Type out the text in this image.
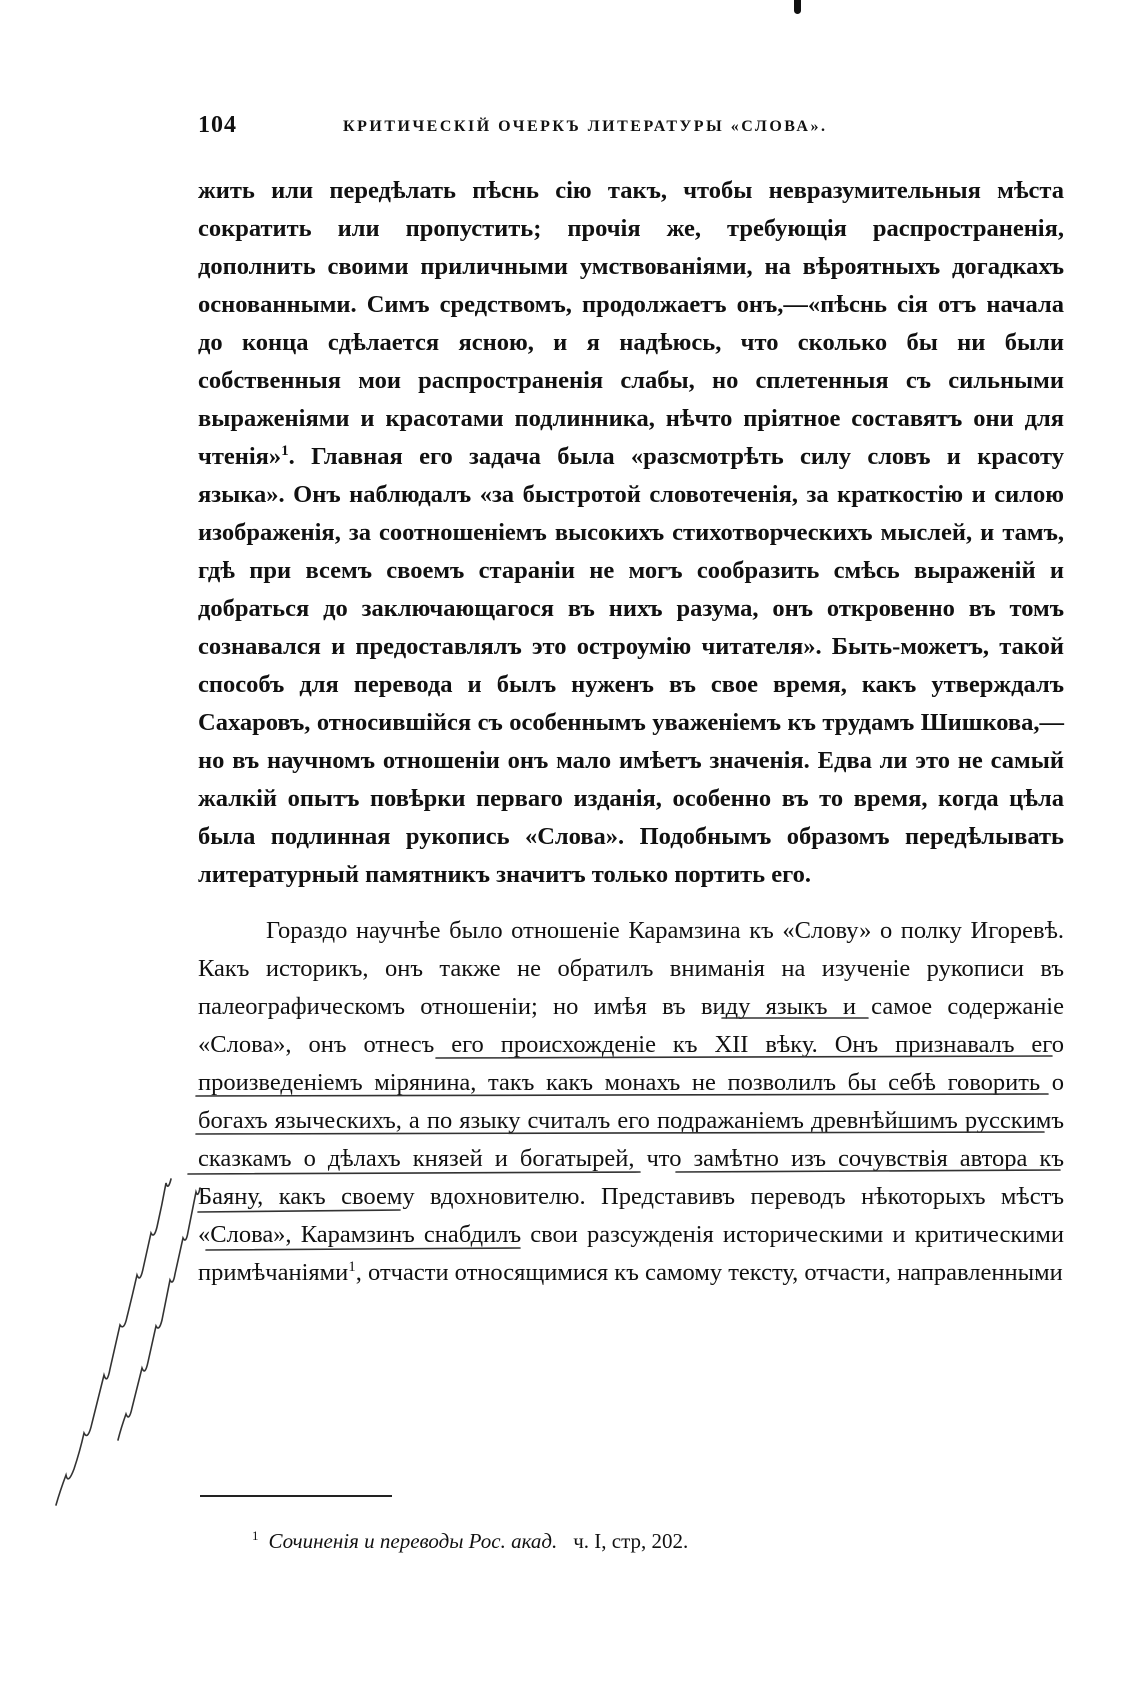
104	КРИТИЧЕСКІЙ ОЧЕРКЪ ЛИТЕРАТУРЫ «СЛОВА».

жить или передѣлать пѣснь сію такъ, чтобы невразумительныя мѣста сократить или пропустить; прочія же, требующія распространенія, дополнить своими приличными умствованіями, на вѣроятныхъ догадкахъ основанными. Симъ средствомъ, продолжаетъ онъ,—«пѣснь сія отъ начала до конца сдѣлается ясною, и я надѣюсь, что сколько бы ни были собственныя мои распространенія слабы, но сплетенныя съ сильными выраженіями и красотами подлинника, нѣчто пріятное составятъ они для чтенія»$^1$. Главная его задача была «разсмотрѣть силу словъ и красоту языка». Онъ наблюдалъ «за быстротой словотеченія, за краткостію и силою изображенія, за соотношеніемъ высокихъ стихотворческихъ мыслей, и тамъ, гдѣ при всемъ своемъ стараніи не могъ сообразить смѣсь выраженій и добраться до заключающагося въ нихъ разума, онъ откровенно въ томъ сознавался и предоставлялъ это остроумію читателя». Быть-можетъ, такой способъ для перевода и былъ нуженъ въ свое время, какъ утверждалъ Сахаровъ, относившійся съ особеннымъ уваженіемъ къ трудамъ Шишкова,—но въ научномъ отношеніи онъ мало имѣетъ значенія. Едва ли это не самый жалкій опытъ повѣрки перваго изданія, особенно въ то время, когда цѣла была подлинная рукопись «Слова». Подобнымъ образомъ передѣлывать литературный памятникъ значитъ только портить его.

Гораздо научнѣе было отношеніе Карамзина къ «Слову» о полку Игоревѣ. Какъ историкъ, онъ также не обратилъ вниманія на изученіе рукописи въ палеографическомъ отношеніи; но имѣя въ виду языкъ и самое содержаніе «Слова», онъ отнесъ его происхожденіе къ XII вѣку. Онъ признавалъ его произведеніемъ мірянина, такъ какъ монахъ не позволилъ бы себѣ говорить о богахъ языческихъ, а по языку считалъ его подражаніемъ древнѣйшимъ русскимъ сказкамъ о дѣлахъ князей и богатырей, что замѣтно изъ сочувствія автора къ Баяну, какъ своему вдохновителю. Представивъ переводъ нѣкоторыхъ мѣстъ «Слова», Карамзинъ снабдилъ свои разсужденія историческими и критическими примѣчаніями$^1$, отчасти относящимися къ самому тексту, отчасти, направленными

$^1$ Сочиненія и переводы Рос. акад. ч. I, стр, 202.
